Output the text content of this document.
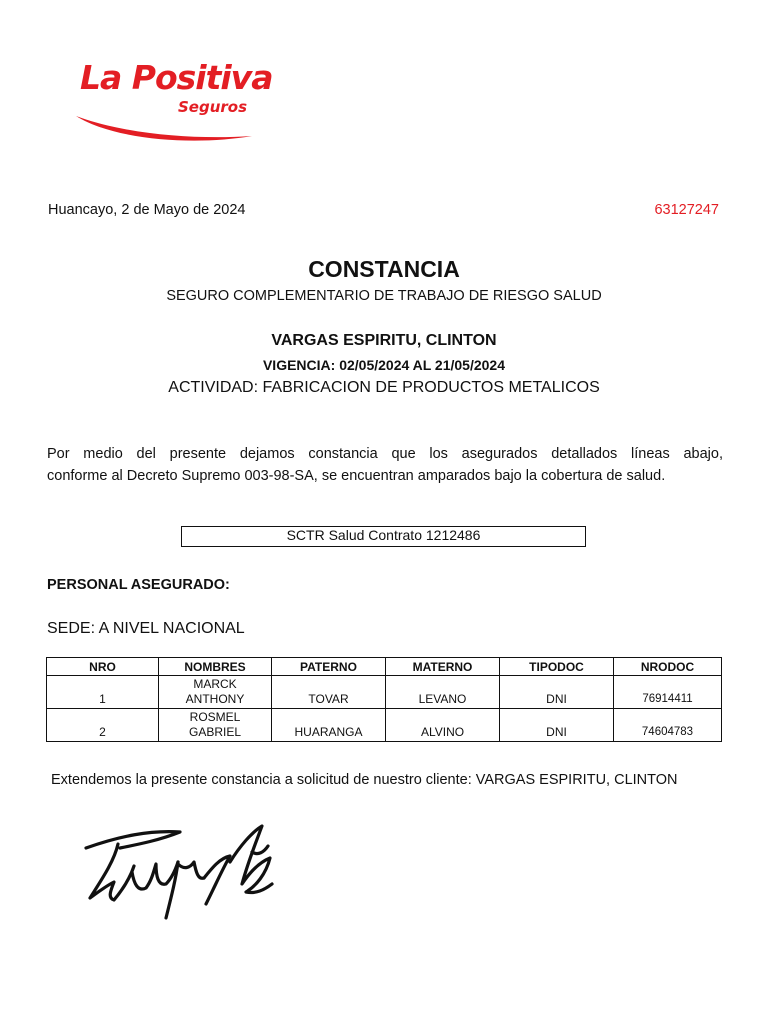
La Positiva
Seguros
Huancayo, 2 de Mayo de 2024	63127247
CONSTANCIA
SEGURO COMPLEMENTARIO DE TRABAJO DE RIESGO SALUD
VARGAS ESPIRITU, CLINTON
VIGENCIA: 02/05/2024 AL 21/05/2024
ACTIVIDAD: FABRICACION DE PRODUCTOS METALICOS
Por medio del presente dejamos constancia que los asegurados detallados líneas abajo,
conforme al Decreto Supremo 003-98-SA, se encuentran amparados bajo la cobertura de salud.
SCTR Salud Contrato 1212486
PERSONAL ASEGURADO:
SEDE: A NIVEL NACIONAL
NRO	NOMBRES	PATERNO	MATERNO	TIPODOC	NRODOC
1	MARCK
ANTHONY	TOVAR	LEVANO	DNI	76914411
2	ROSMEL
GABRIEL	HUARANGA	ALVINO	DNI	74604783
Extendemos la presente constancia a solicitud de nuestro cliente: VARGAS ESPIRITU, CLINTON
